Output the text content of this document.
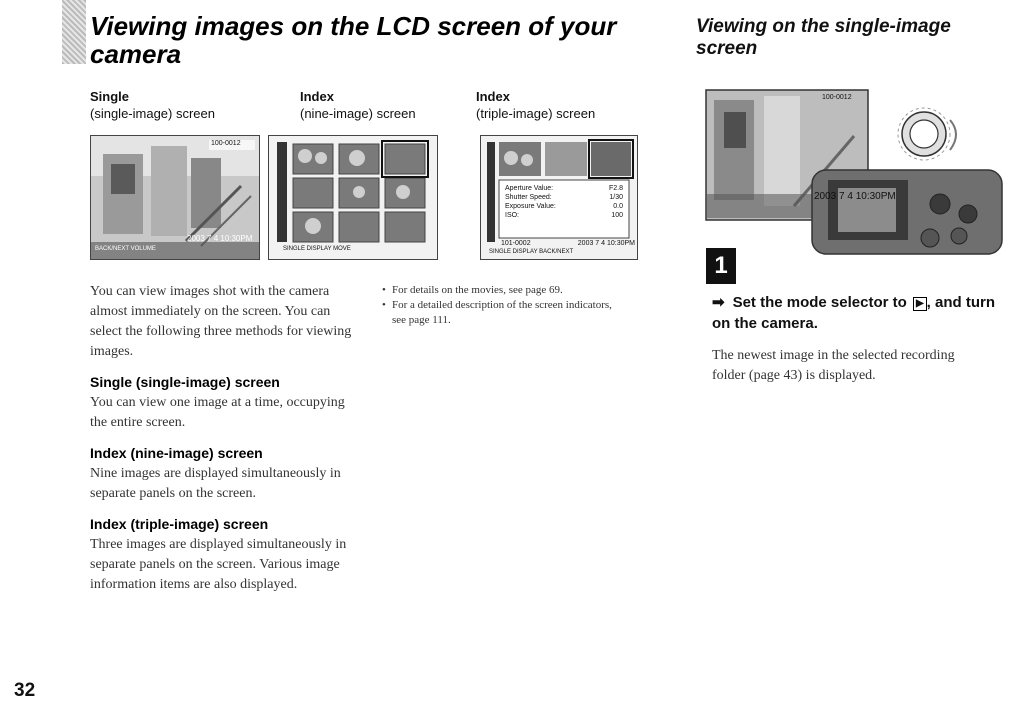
Viewing images on the LCD screen of your camera
Viewing on the single-image screen
Single
(single-image) screen
Index
(nine-image) screen
Index
(triple-image) screen
100-0012
2003 7 4 10:30PM
BACK/NEXT VOLUME	SINGLE DISPLAY MOVE
Aperture Value:	F2.8
Shutter Speed:	1/30
Exposure Value:	0.0
ISO:	100
101-0002	2003 7 4 10:30PM
SINGLE DISPLAY BACK/NEXT

You can view images shot with the camera almost immediately on the screen. You can select the following three methods for viewing images.

Single (single-image) screen

You can view one image at a time, occupying the entire screen.

Index (nine-image) screen

Nine images are displayed simultaneously in separate panels on the screen.

Index (triple-image) screen

Three images are displayed simultaneously in separate panels on the screen. Various image information items are also displayed.

• For details on the movies, see page 69.
• For a detailed description of the screen indicators, see page 111.
2003 7 4 10:30PM
100-0012
1
➡ Set the mode selector to ▶ , and turn on the camera.

The newest image in the selected recording folder (page 43) is displayed.

32
